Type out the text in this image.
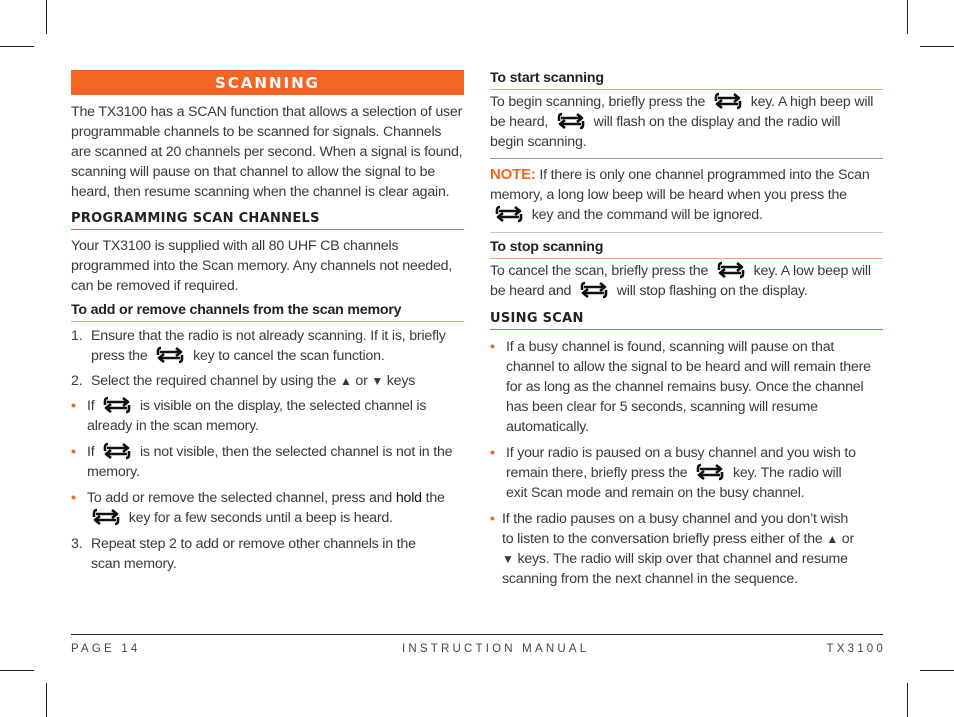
SCANNING

The TX3100 has a SCAN function that allows a selection of user programmable channels to be scanned for signals. Channels are scanned at 20 channels per second. When a signal is found, scanning will pause on that channel to allow the signal to be heard, then resume scanning when the channel is clear again.

PROGRAMMING SCAN CHANNELS

Your TX3100 is supplied with all 80 UHF CB channels programmed into the Scan memory. Any channels not needed, can be removed if required.

To add or remove channels from the scan memory
1. Ensure that the radio is not already scanning. If it is, briefly press the	key to cancel the scan function.
2. Select the required channel by using the ▲ or ▼ keys
• If	is visible on the display, the selected channel is already in the scan memory.
• If	is not visible, then the selected channel is not in the memory.
• To add or remove the selected channel, press and hold the  key for a few seconds until a beep is heard.
3. Repeat step 2 to add or remove other channels in the scan memory.
To start scanning
To begin scanning, briefly press the	key. A high beep will be heard,	will flash on the display and the radio will begin scanning.
NOTE: If there is only one channel programmed into the Scan memory, a long low beep will be heard when you press the  key and the command will be ignored.
To stop scanning
To cancel the scan, briefly press the	key. A low beep will be heard and	will stop flashing on the display.
USING SCAN
• If a busy channel is found, scanning will pause on that channel to allow the signal to be heard and will remain there for as long as the channel remains busy. Once the channel has been clear for 5 seconds, scanning will resume automatically.
• If your radio is paused on a busy channel and you wish to remain there, briefly press the	key. The radio will exit Scan mode and remain on the busy channel.
• If the radio pauses on a busy channel and you don’t wish to listen to the conversation briefly press either of the ▲ or ▼ keys. The radio will skip over that channel and resume scanning from the next channel in the sequence.
PAGE 14	INSTRUCTION MANUAL	TX3100
